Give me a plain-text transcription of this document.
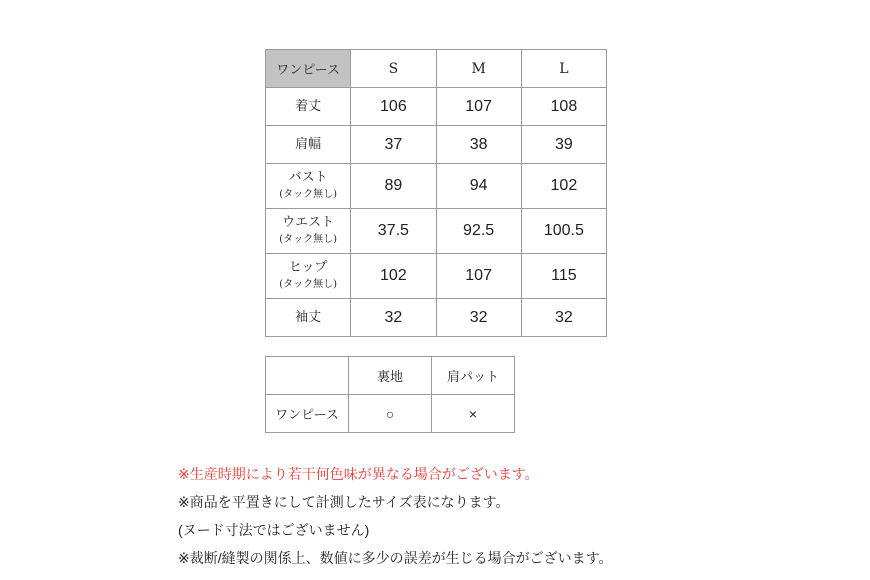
ワンピース	S	M	L
着丈	106	107	108
肩幅	37	38	39
バスト
(タック無し)	89	94	102
ウエスト
(タック無し)	37.5	92.5	100.5
ヒップ
(タック無し)	102	107	115
袖丈	32	32	32
	裏地	肩パット
ワンピース	○	×
※生産時期により若干何色味が異なる場合がございます。
※商品を平置きにして計測したサイズ表になります。
(ヌード寸法ではございません)
※裁断/縫製の関係上、数値に多少の誤差が生じる場合がございます。
